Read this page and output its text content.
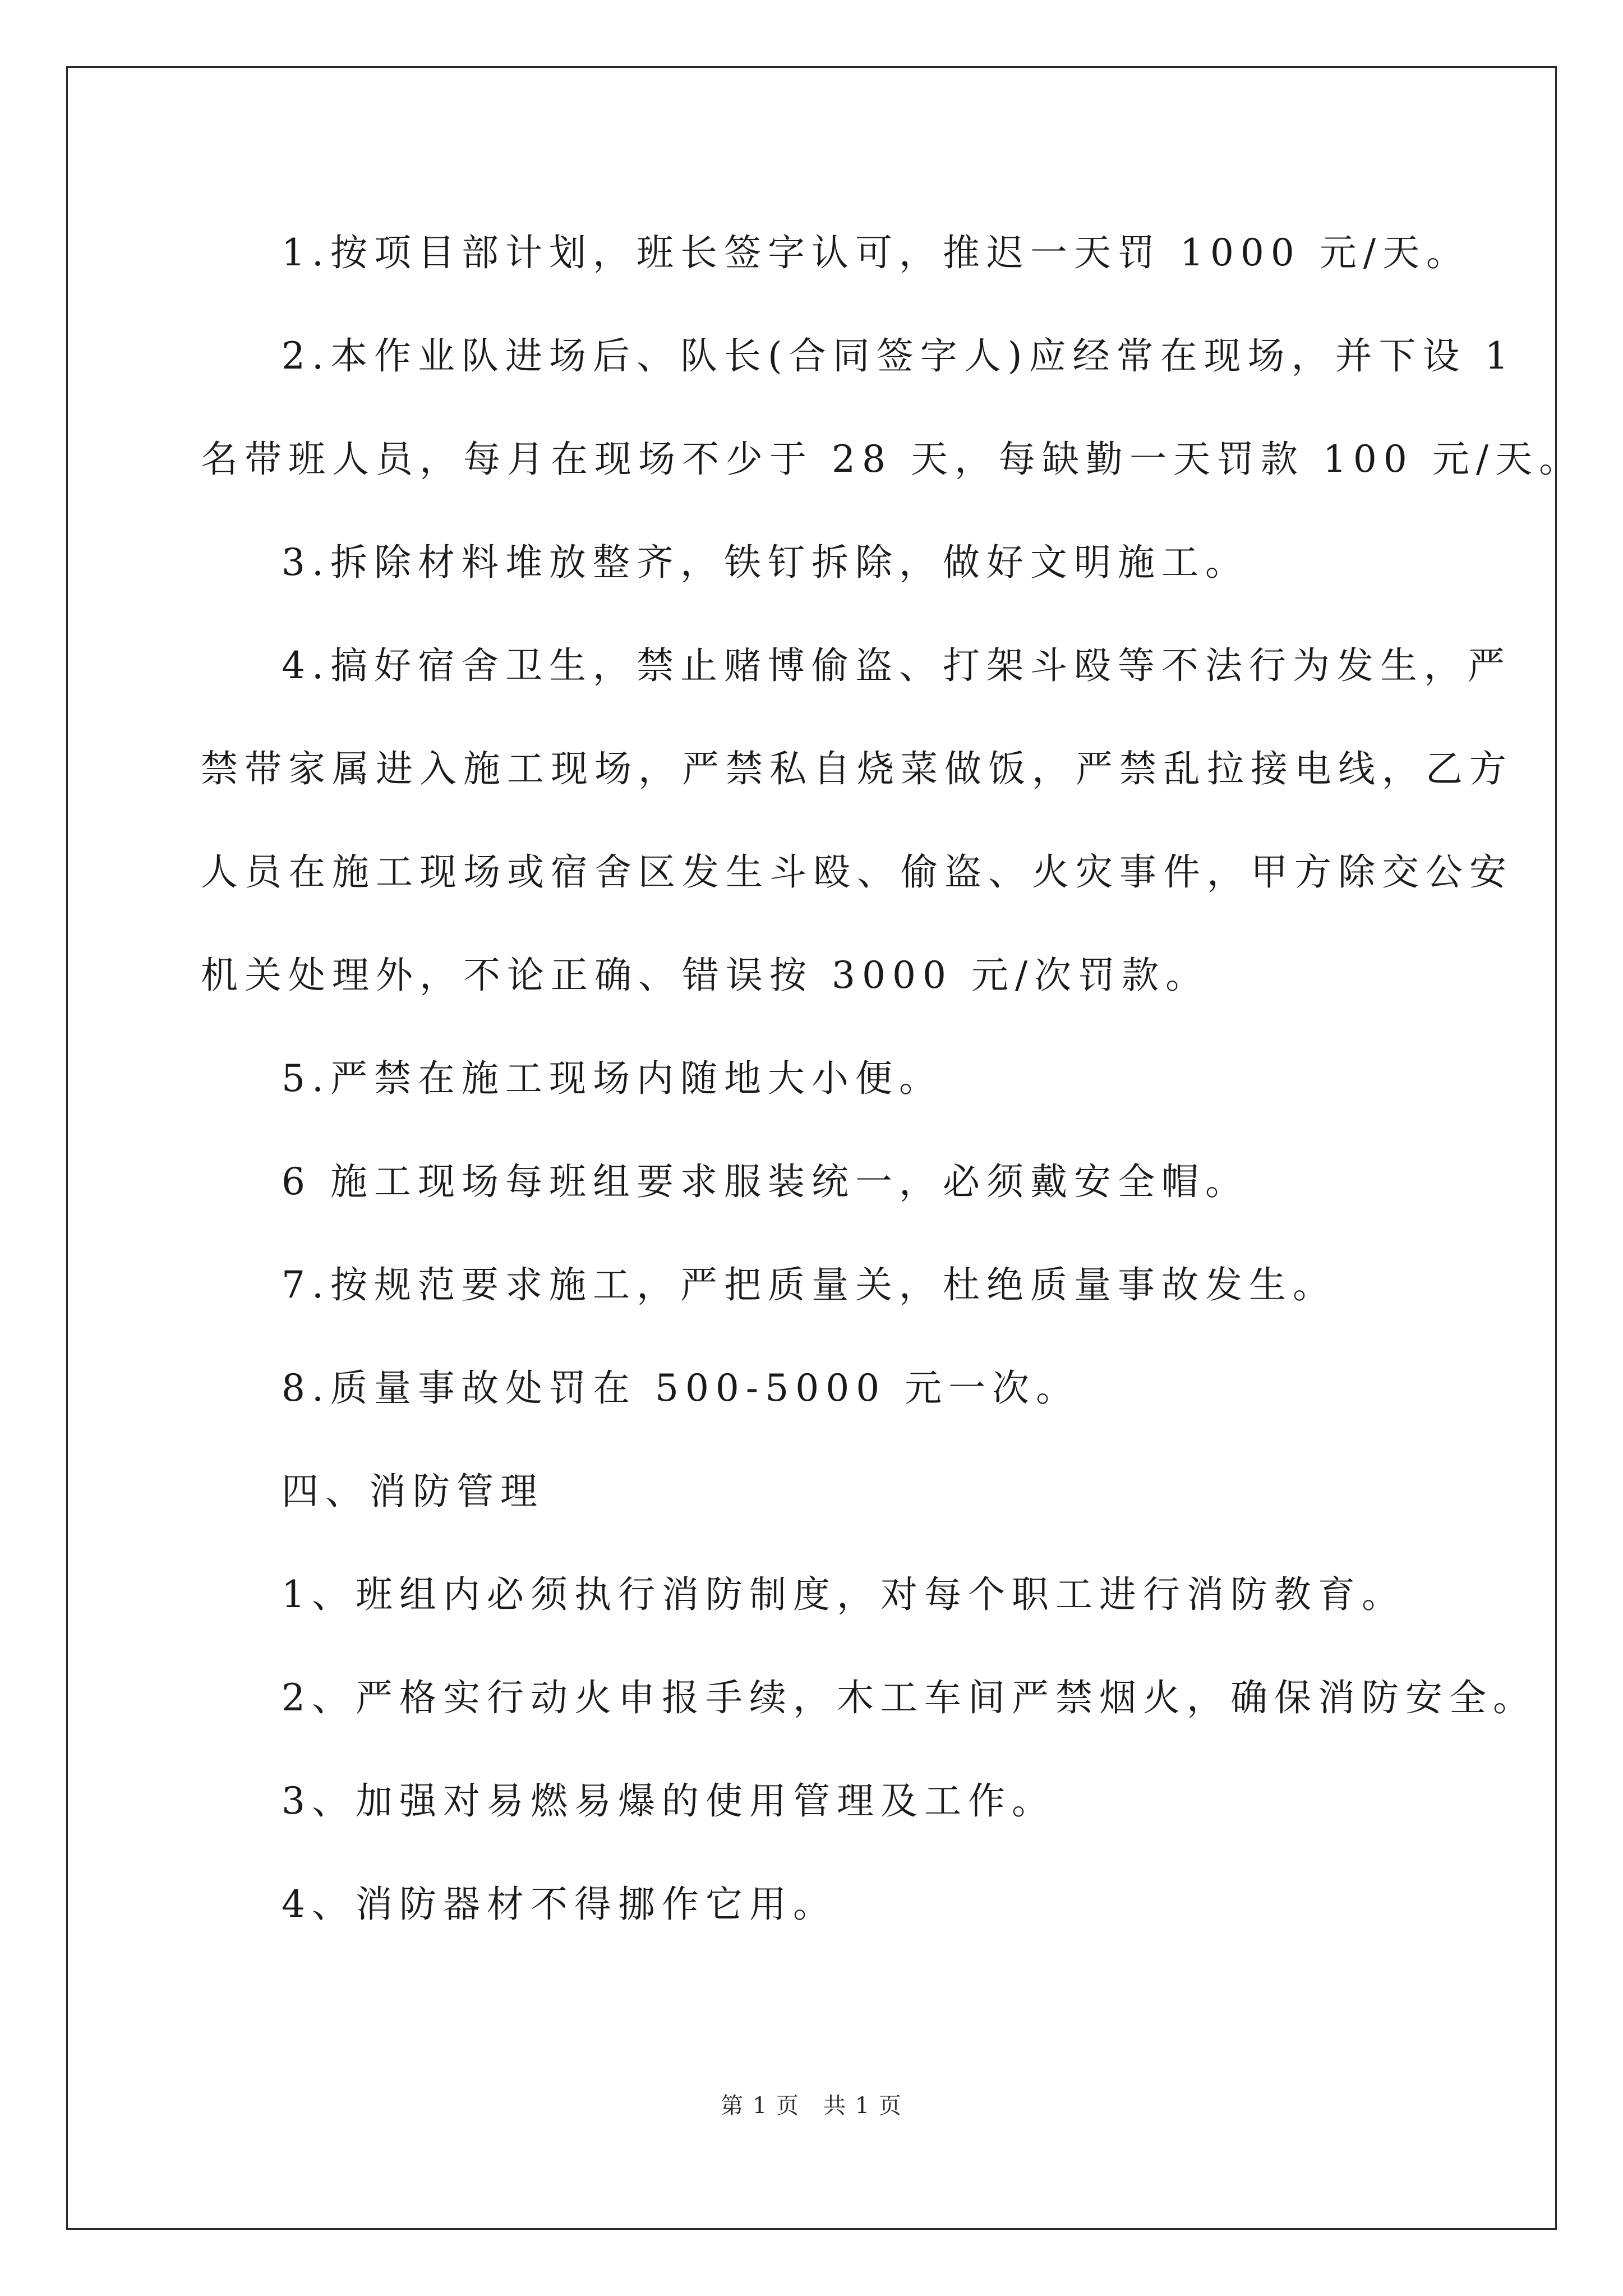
1.按项目部计划，班长签字认可，推迟一天罚 1000 元/天。

2.本作业队进场后、队长(合同签字人)应经常在现场，并下设 1

名带班人员，每月在现场不少于 28 天，每缺勤一天罚款 100 元/天。

3.拆除材料堆放整齐，铁钉拆除，做好文明施工。

4.搞好宿舍卫生，禁止赌博偷盗、打架斗殴等不法行为发生，严

禁带家属进入施工现场，严禁私自烧菜做饭，严禁乱拉接电线，乙方

人员在施工现场或宿舍区发生斗殴、偷盗、火灾事件，甲方除交公安

机关处理外，不论正确、错误按 3000 元/次罚款。

5.严禁在施工现场内随地大小便。

6 施工现场每班组要求服装统一，必须戴安全帽。

7.按规范要求施工，严把质量关，杜绝质量事故发生。

8.质量事故处罚在 500-5000 元一次。

四、消防管理

1、班组内必须执行消防制度，对每个职工进行消防教育。

2、严格实行动火申报手续，木工车间严禁烟火，确保消防安全。

3、加强对易燃易爆的使用管理及工作。

4、消防器材不得挪作它用。

第 1 页　共 1 页
